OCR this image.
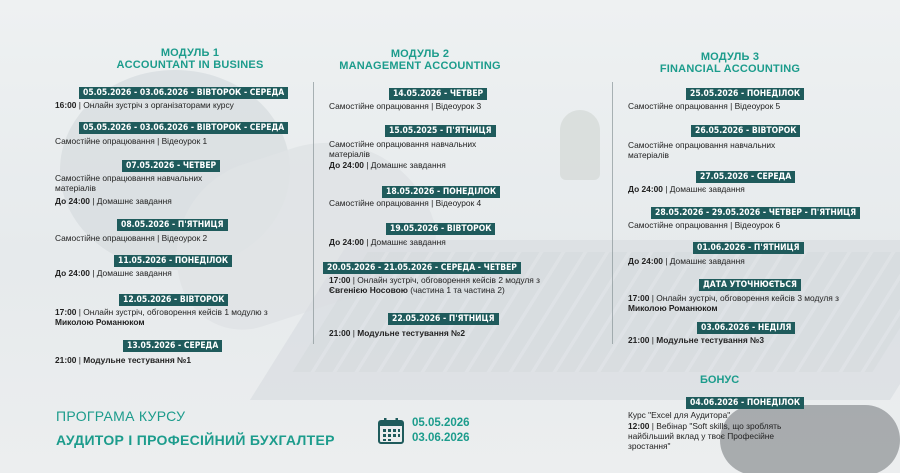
МОДУЛЬ 1
ACCOUNTANT IN BUSINES
05.05.2026 - 03.06.2026 - ВІВТОРОК - СЕРЕДА
16:00 | Онлайн зустріч з організаторами курсу
05.05.2026 - 03.06.2026 - ВІВТОРОК - СЕРЕДА
Самостійне опрацювання | Відеоурок 1
07.05.2026 - ЧЕТВЕР
Самостійне опрацювання навчальних матеріалів
До 24:00 | Домашнє завдання
08.05.2026 - П'ЯТНИЦЯ
Самостійне опрацювання | Відеоурок 2
11.05.2026 - ПОНЕДІЛОК
До 24:00 | Домашнє завдання
12.05.2026 - ВІВТОРОК
17:00 | Онлайн зустріч, обговорення кейсів 1 модулю з Миколою Романюком
13.05.2026 - СЕРЕДА
21:00 | Модульне тестування №1
МОДУЛЬ 2
MANAGEMENT ACCOUNTING
14.05.2026 - ЧЕТВЕР
Самостійне опрацювання | Відеоурок 3
15.05.2025 - П'ЯТНИЦЯ
Самостійне опрацювання навчальних матеріалів
До 24:00 | Домашнє завдання
18.05.2026 - ПОНЕДІЛОК
Самостійне опрацювання | Відеоурок 4
19.05.2026 - ВІВТОРОК
До 24:00 | Домашнє завдання
20.05.2026 - 21.05.2026 - СЕРЕДА - ЧЕТВЕР
17:00 | Онлайн зустріч, обговорення кейсів 2 модуля з Євгенією Носовою (частина 1 та частина 2)
22.05.2026 - П'ЯТНИЦЯ
21:00 | Модульне тестування №2
МОДУЛЬ 3
FINANCIAL ACCOUNTING
25.05.2026 - ПОНЕДІЛОК
Самостійне опрацювання | Відеоурок 5
26.05.2026 - ВІВТОРОК
Самостійне опрацювання навчальних матеріалів
27.05.2026 - СЕРЕДА
До 24:00 | Домашнє завдання
28.05.2026 - 29.05.2026 - ЧЕТВЕР - П'ЯТНИЦЯ
Самостійне опрацювання | Відеоурок 6
01.06.2026 - П'ЯТНИЦЯ
До 24:00 | Домашнє завдання
ДАТА УТОЧНЮЄТЬСЯ
17:00 | Онлайн зустріч, обговорення кейсів 3 модуля з Миколою Романюком
03.06.2026 - НЕДІЛЯ
21:00 | Модульне тестування №3
БОНУС
04.06.2026 - ПОНЕДІЛОК
Курс "Excel для Аудитора"
12:00 | Вебінар "Soft skills, що зроблять найбільший вклад у твоє Професійне зростання"
ПРОГРАМА КУРСУ
АУДИТОР І ПРОФЕСІЙНИЙ БУХГАЛТЕР
05.05.2026
03.06.2026
